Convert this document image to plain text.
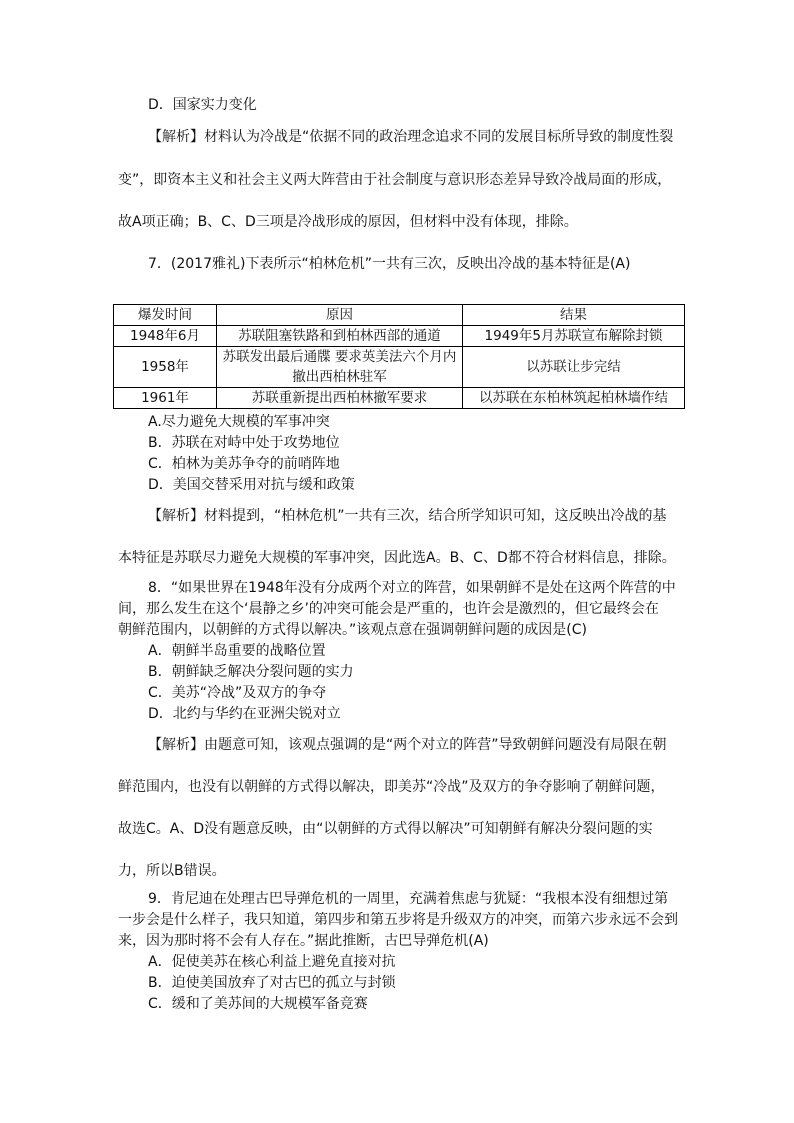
D．国家实力变化
【解析】材料认为冷战是“依据不同的政治理念追求不同的发展目标所导致的制度性裂
变”，即资本主义和社会主义两大阵营由于社会制度与意识形态差异导致冷战局面的形成，
故A项正确；B、C、D三项是冷战形成的原因，但材料中没有体现，排除。
7．(2017雅礼)下表所示“柏林危机”一共有三次，反映出冷战的基本特征是(A)
爆发时间	原因	结果
1948年6月	苏联阻塞铁路和到柏林西部的通道	1949年5月苏联宣布解除封锁
1958年	苏联发出最后通牒 要求英美法六个月内撤出西柏林驻军	以苏联让步完结
1961年	苏联重新提出西柏林撤军要求	以苏联在东柏林筑起柏林墙作结
A.尽力避免大规模的军事冲突
B．苏联在对峙中处于攻势地位
C．柏林为美苏争夺的前哨阵地
D．美国交替采用对抗与缓和政策
【解析】材料提到，“柏林危机”一共有三次，结合所学知识可知，这反映出冷战的基
本特征是苏联尽力避免大规模的军事冲突，因此选A。B、C、D都不符合材料信息，排除。
8．“如果世界在1948年没有分成两个对立的阵营，如果朝鲜不是处在这两个阵营的中
间，那么发生在这个‘晨静之乡’的冲突可能会是严重的，也许会是激烈的，但它最终会在
朝鲜范围内，以朝鲜的方式得以解决。”该观点意在强调朝鲜问题的成因是(C)
A．朝鲜半岛重要的战略位置
B．朝鲜缺乏解决分裂问题的实力
C．美苏“冷战”及双方的争夺
D．北约与华约在亚洲尖锐对立
【解析】由题意可知，该观点强调的是“两个对立的阵营”导致朝鲜问题没有局限在朝
鲜范围内，也没有以朝鲜的方式得以解决，即美苏“冷战”及双方的争夺影响了朝鲜问题，
故选C。A、D没有题意反映，由“以朝鲜的方式得以解决”可知朝鲜有解决分裂问题的实
力，所以B错误。
9．肯尼迪在处理古巴导弹危机的一周里，充满着焦虑与犹疑：“我根本没有细想过第
一步会是什么样子，我只知道，第四步和第五步将是升级双方的冲突，而第六步永远不会到
来，因为那时将不会有人存在。”据此推断，古巴导弹危机(A)
A．促使美苏在核心利益上避免直接对抗
B．迫使美国放弃了对古巴的孤立与封锁
C．缓和了美苏间的大规模军备竞赛
